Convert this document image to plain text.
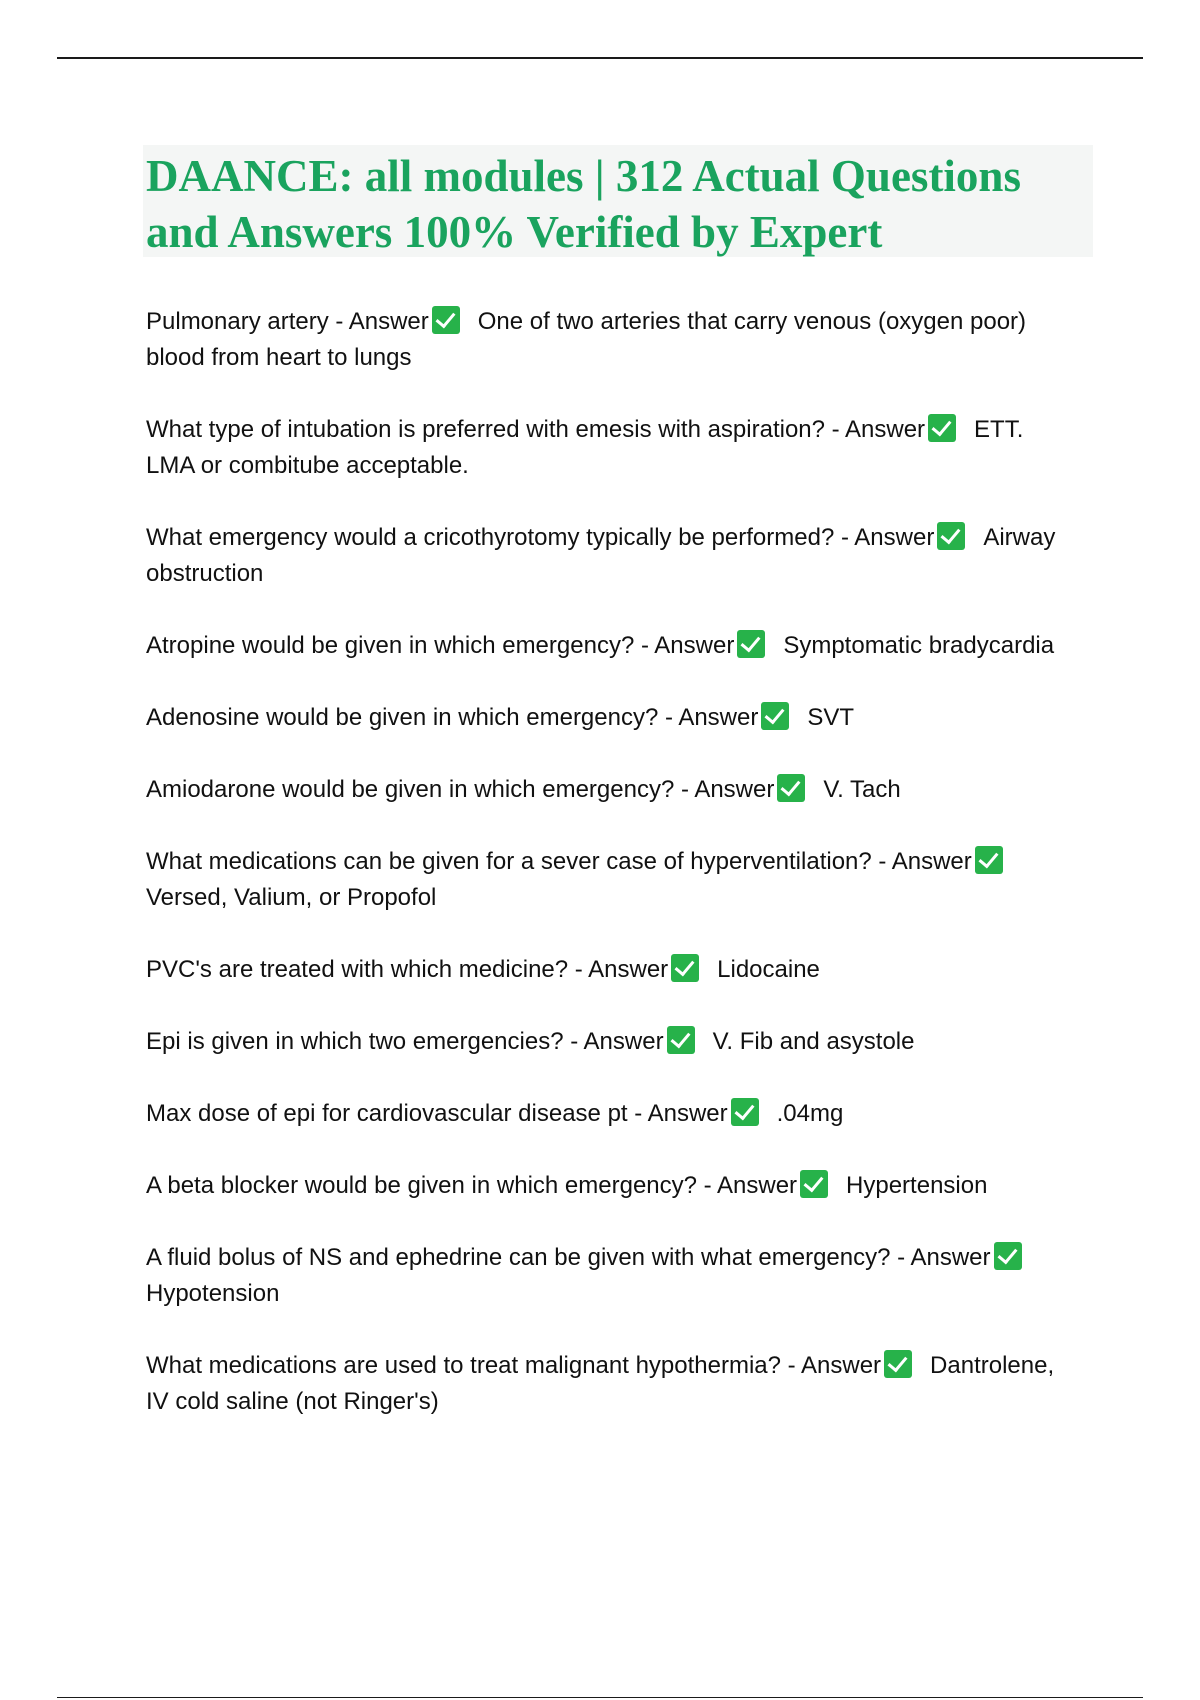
DAANCE: all modules | 312 Actual Questions and Answers 100% Verified by Expert
Pulmonary artery - Answer One of two arteries that carry venous (oxygen poor) blood from heart to lungs
What type of intubation is preferred with emesis with aspiration? - Answer ETT. LMA or combitube acceptable.
What emergency would a cricothyrotomy typically be performed? - Answer Airway obstruction
Atropine would be given in which emergency? - Answer Symptomatic bradycardia
Adenosine would be given in which emergency? - Answer SVT
Amiodarone would be given in which emergency? - Answer V. Tach
What medications can be given for a sever case of hyperventilation? - AnswerVersed, Valium, or Propofol
PVC's are treated with which medicine? - Answer Lidocaine
Epi is given in which two emergencies? - Answer V. Fib and asystole
Max dose of epi for cardiovascular disease pt - Answer .04mg
A beta blocker would be given in which emergency? - Answer Hypertension
A fluid bolus of NS and ephedrine can be given with what emergency? - AnswerHypotension
What medications are used to treat malignant hypothermia? - Answer Dantrolene, IV cold saline (not Ringer's)
